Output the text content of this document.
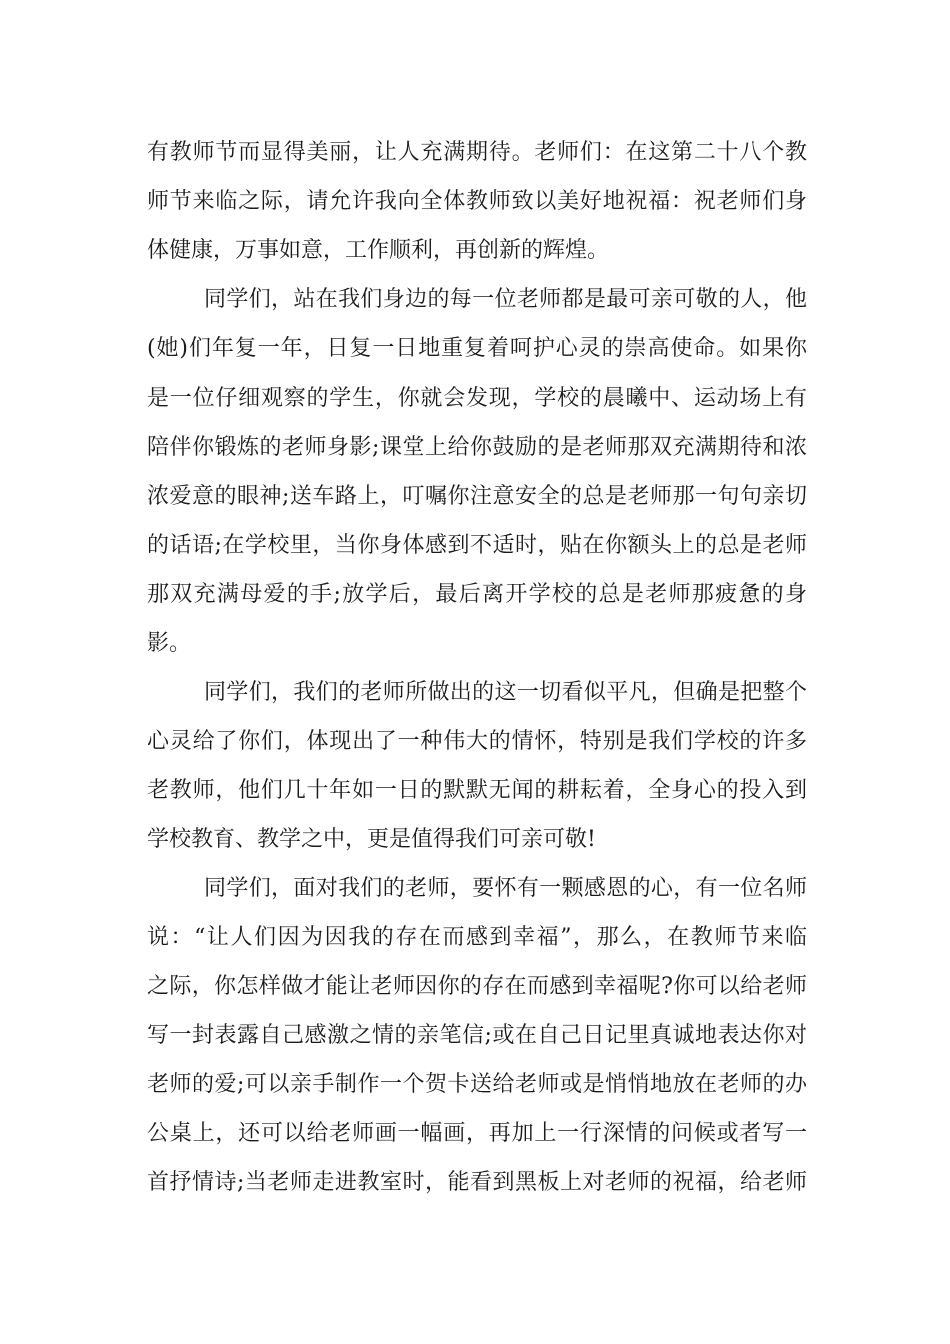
有教师节而显得美丽，让人充满期待。老师们：在这第二十八个教
师节来临之际，请允许我向全体教师致以美好地祝福：祝老师们身
体健康，万事如意，工作顺利，再创新的辉煌。
同学们，站在我们身边的每一位老师都是最可亲可敬的人，他
(她)们年复一年，日复一日地重复着呵护心灵的崇高使命。如果你
是一位仔细观察的学生，你就会发现，学校的晨曦中、运动场上有
陪伴你锻炼的老师身影;课堂上给你鼓励的是老师那双充满期待和浓
浓爱意的眼神;送车路上，叮嘱你注意安全的总是老师那一句句亲切
的话语;在学校里，当你身体感到不适时，贴在你额头上的总是老师
那双充满母爱的手;放学后，最后离开学校的总是老师那疲惫的身
影。
同学们，我们的老师所做出的这一切看似平凡，但确是把整个
心灵给了你们，体现出了一种伟大的情怀，特别是我们学校的许多
老教师，他们几十年如一日的默默无闻的耕耘着，全身心的投入到
学校教育、教学之中，更是值得我们可亲可敬!
同学们，面对我们的老师，要怀有一颗感恩的心，有一位名师
说：“让人们因为因我的存在而感到幸福”，那么，在教师节来临
之际，你怎样做才能让老师因你的存在而感到幸福呢?你可以给老师
写一封表露自己感激之情的亲笔信;或在自己日记里真诚地表达你对
老师的爱;可以亲手制作一个贺卡送给老师或是悄悄地放在老师的办
公桌上，还可以给老师画一幅画，再加上一行深情的问候或者写一
首抒情诗;当老师走进教室时，能看到黑板上对老师的祝福，给老师
